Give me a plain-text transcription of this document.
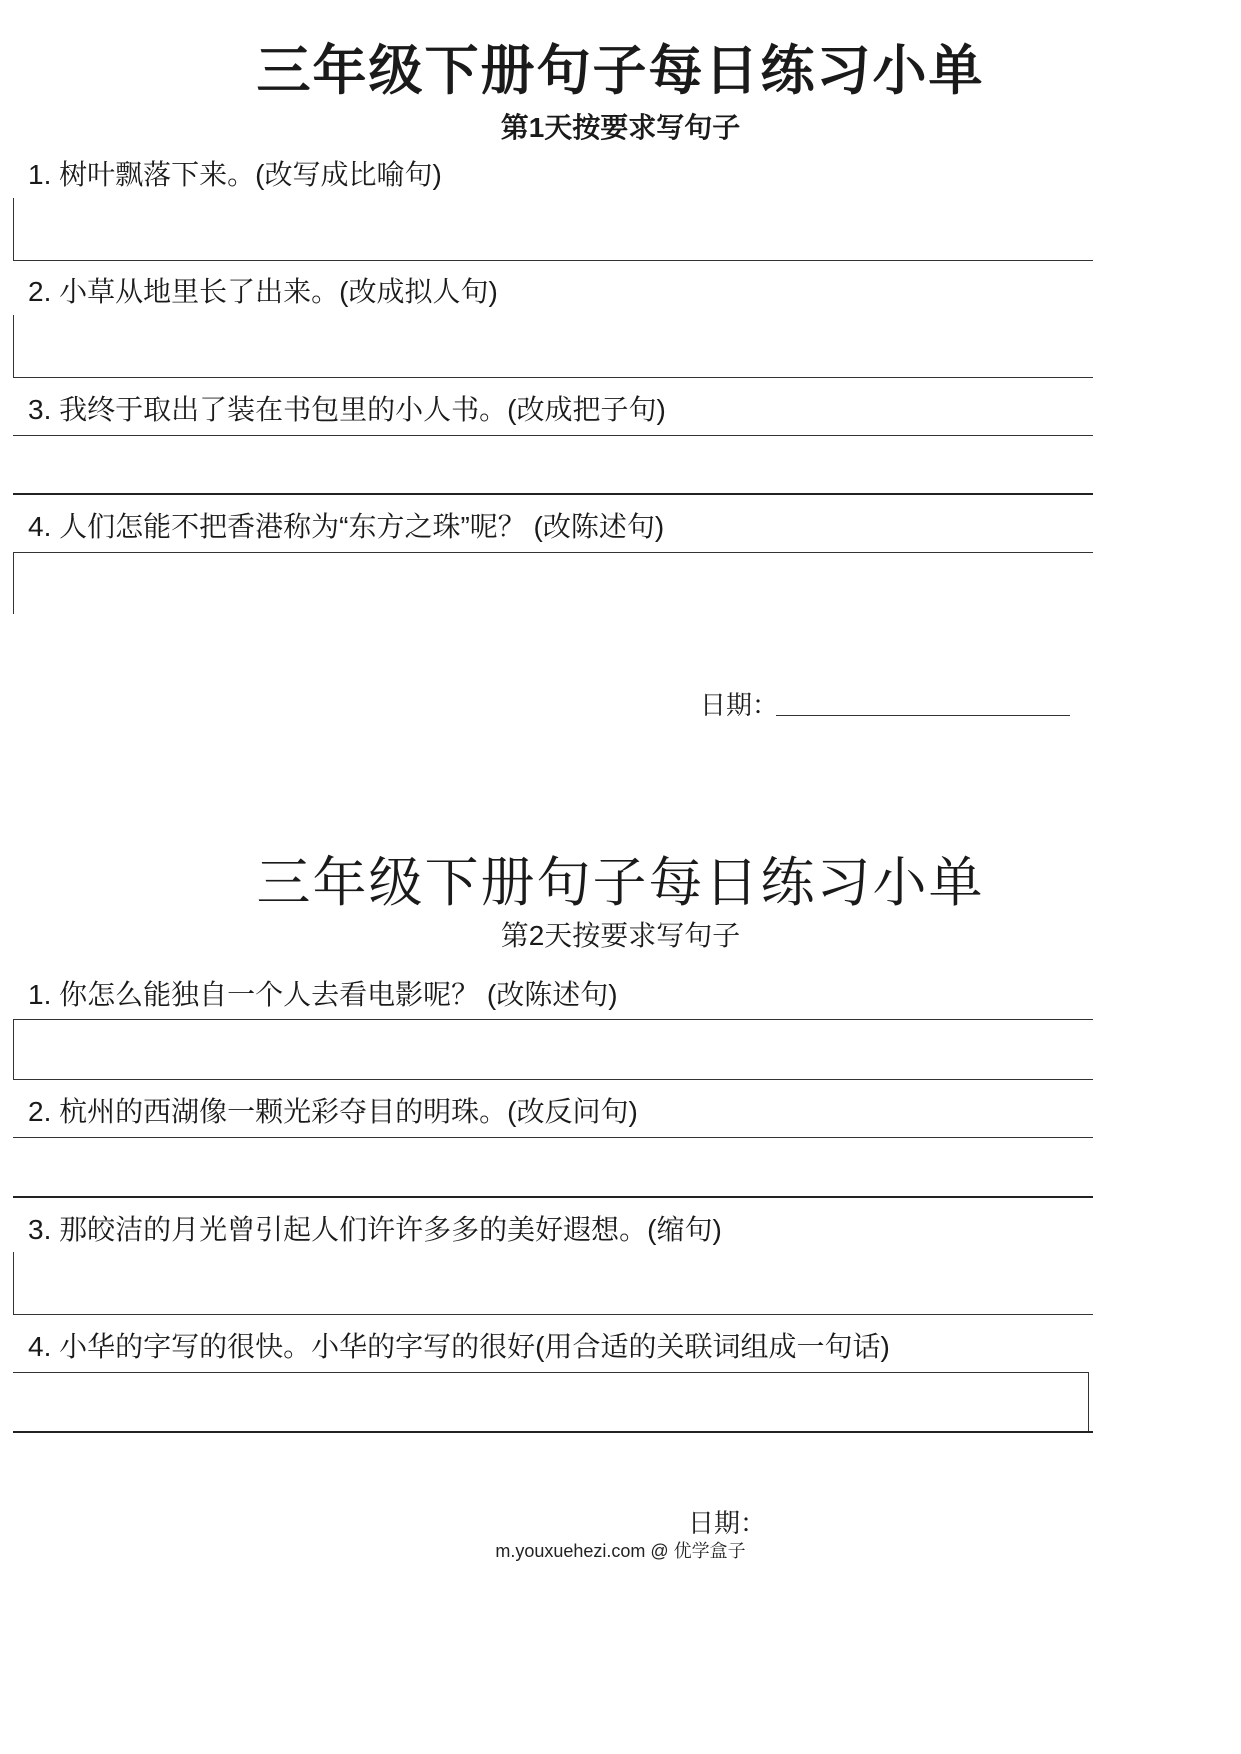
三年级下册句子每日练习小单
第1天按要求写句子
1. 树叶飘落下来。(改写成比喻句)
2. 小草从地里长了出来。(改成拟人句)
3. 我终于取出了装在书包里的小人书。(改成把子句)
4. 人们怎能不把香港称为“东方之珠”呢？ (改陈述句)
日期：
三年级下册句子每日练习小单
第2天按要求写句子
1. 你怎么能独自一个人去看电影呢？ (改陈述句)
2. 杭州的西湖像一颗光彩夺目的明珠。(改反问句)
3. 那皎洁的月光曾引起人们许许多多的美好遐想。(缩句)
4. 小华的字写的很快。小华的字写的很好(用合适的关联词组成一句话)
日期：
m.youxuehezi.com @ 优学盒子
